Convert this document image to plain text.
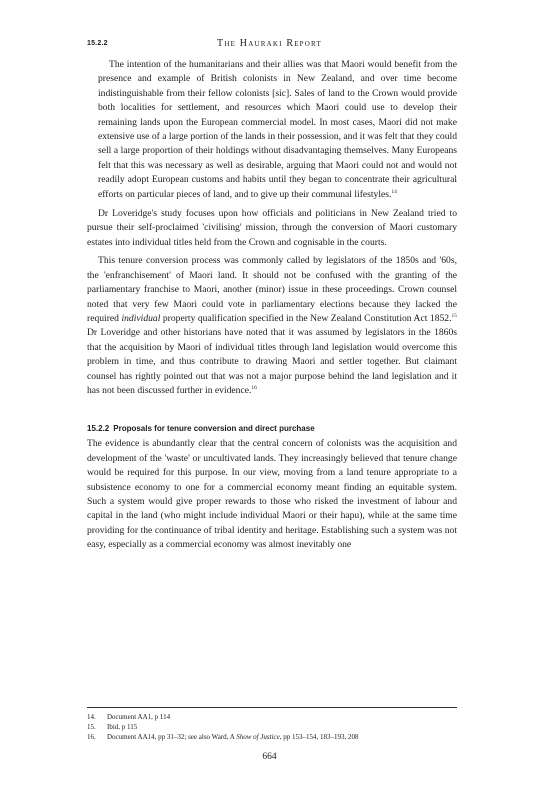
15.2.2	The Hauraki Report

The intention of the humanitarians and their allies was that Maori would benefit from the presence and example of British colonists in New Zealand, and over time become indistinguishable from their fellow colonists [sic]. Sales of land to the Crown would provide both localities for settlement, and resources which Maori could use to develop their remaining lands upon the European commercial model. In most cases, Maori did not make extensive use of a large portion of the lands in their possession, and it was felt that they could sell a large proportion of their holdings without disadvantaging themselves. Many Europeans felt that this was necessary as well as desirable, arguing that Maori could not and would not readily adopt European customs and habits until they began to concentrate their agricultural efforts on particular pieces of land, and to give up their communal lifestyles.$^{14}$

Dr Loveridge's study focuses upon how officials and politicians in New Zealand tried to pursue their self-proclaimed 'civilising' mission, through the conversion of Maori customary estates into individual titles held from the Crown and cognisable in the courts.

This tenure conversion process was commonly called by legislators of the 1850s and '60s, the 'enfranchisement' of Maori land. It should not be confused with the granting of the parliamentary franchise to Maori, another (minor) issue in these proceedings. Crown counsel noted that very few Maori could vote in parliamentary elections because they lacked the required individual property qualification specified in the New Zealand Constitution Act 1852.15 Dr Loveridge and other historians have noted that it was assumed by legislators in the 1860s that the acquisition by Maori of individual titles through land legislation would overcome this problem in time, and thus contribute to drawing Maori and settler together. But claimant counsel has rightly pointed out that was not a major purpose behind the land legislation and it has not been discussed further in evidence.$^{16}$

15.2.2 Proposals for tenure conversion and direct purchase

The evidence is abundantly clear that the central concern of colonists was the acquisition and development of the 'waste' or uncultivated lands. They increasingly believed that tenure change would be required for this purpose. In our view, moving from a land tenure appropriate to a subsistence economy to one for a commercial economy meant finding an equitable system. Such a system would give proper rewards to those who risked the investment of labour and capital in the land (who might include individual Maori or their hapu), while at the same time providing for the continuance of tribal identity and heritage. Establishing such a system was not easy, especially as a commercial economy was almost inevitably one

14. Document AA1, p 114
15. Ibid, p 115
16. Document AA14, pp 31–32; see also Ward, A Show of Justice, pp 153–154, 183–193, 208
664
